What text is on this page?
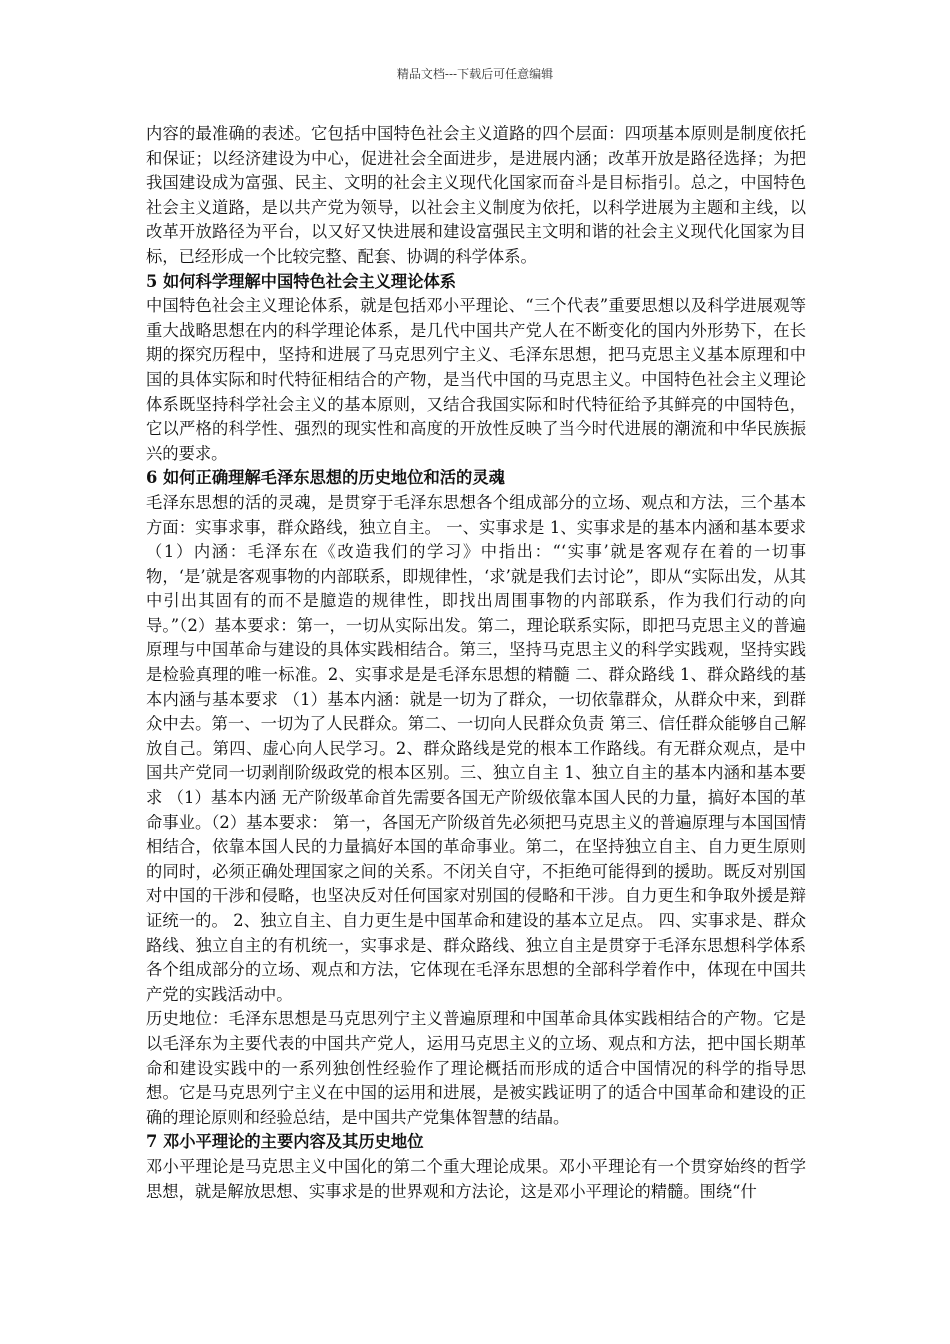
精品文档---下载后可任意编辑

内容的最准确的表述。它包括中国特色社会主义道路的四个层面：四项基本原则是制度依托和保证；以经济建设为中心，促进社会全面进步，是进展内涵；改革开放是路径选择；为把我国建设成为富强、民主、文明的社会主义现代化国家而奋斗是目标指引。总之，中国特色社会主义道路，是以共产党为领导，以社会主义制度为依托，以科学进展为主题和主线，以改革开放路径为平台，以又好又快进展和建设富强民主文明和谐的社会主义现代化国家为目标，已经形成一个比较完整、配套、协调的科学体系。

5 如何科学理解中国特色社会主义理论体系

中国特色社会主义理论体系，就是包括邓小平理论、“三个代表”重要思想以及科学进展观等重大战略思想在内的科学理论体系，是几代中国共产党人在不断变化的国内外形势下，在长期的探究历程中，坚持和进展了马克思列宁主义、毛泽东思想，把马克思主义基本原理和中国的具体实际和时代特征相结合的产物，是当代中国的马克思主义。中国特色社会主义理论体系既坚持科学社会主义的基本原则，又结合我国实际和时代特征给予其鲜亮的中国特色，它以严格的科学性、强烈的现实性和高度的开放性反映了当今时代进展的潮流和中华民族振兴的要求。

6 如何正确理解毛泽东思想的历史地位和活的灵魂

毛泽东思想的活的灵魂，是贯穿于毛泽东思想各个组成部分的立场、观点和方法，三个基本方面：实事求事，群众路线，独立自主。 一、实事求是 1、实事求是的基本内涵和基本要求（1）内涵：毛泽东在《改造我们的学习》中指出：“‘实事’就是客观存在着的一切事物，‘是’就是客观事物的内部联系，即规律性，‘求’就是我们去讨论”，即从“实际出发，从其中引出其固有的而不是臆造的规律性，即找出周围事物的内部联系，作为我们行动的向导。”（2）基本要求：第一，一切从实际出发。第二，理论联系实际，即把马克思主义的普遍原理与中国革命与建设的具体实践相结合。第三，坚持马克思主义的科学实践观，坚持实践是检验真理的唯一标准。2、实事求是是毛泽东思想的精髓 二、群众路线 1、群众路线的基本内涵与基本要求 （1）基本内涵：就是一切为了群众，一切依靠群众，从群众中来，到群众中去。第一、一切为了人民群众。第二、一切向人民群众负责 第三、信任群众能够自己解放自己。第四、虚心向人民学习。2、群众路线是党的根本工作路线。有无群众观点，是中国共产党同一切剥削阶级政党的根本区别。三、独立自主 1、独立自主的基本内涵和基本要求 （1）基本内涵 无产阶级革命首先需要各国无产阶级依靠本国人民的力量，搞好本国的革命事业。（2）基本要求： 第一，各国无产阶级首先必须把马克思主义的普遍原理与本国国情相结合，依靠本国人民的力量搞好本国的革命事业。第二，在坚持独立自主、自力更生原则的同时，必须正确处理国家之间的关系。不闭关自守，不拒绝可能得到的援助。既反对别国对中国的干涉和侵略，也坚决反对任何国家对别国的侵略和干涉。自力更生和争取外援是辩证统一的。 2、独立自主、自力更生是中国革命和建设的基本立足点。 四、实事求是、群众路线、独立自主的有机统一，实事求是、群众路线、独立自主是贯穿于毛泽东思想科学体系各个组成部分的立场、观点和方法，它体现在毛泽东思想的全部科学着作中，体现在中国共产党的实践活动中。

历史地位：毛泽东思想是马克思列宁主义普遍原理和中国革命具体实践相结合的产物。它是以毛泽东为主要代表的中国共产党人，运用马克思主义的立场、观点和方法，把中国长期革命和建设实践中的一系列独创性经验作了理论概括而形成的适合中国情况的科学的指导思想。它是马克思列宁主义在中国的运用和进展，是被实践证明了的适合中国革命和建设的正确的理论原则和经验总结，是中国共产党集体智慧的结晶。

7 邓小平理论的主要内容及其历史地位

邓小平理论是马克思主义中国化的第二个重大理论成果。邓小平理论有一个贯穿始终的哲学思想，就是解放思想、实事求是的世界观和方法论，这是邓小平理论的精髓。围绕“什
